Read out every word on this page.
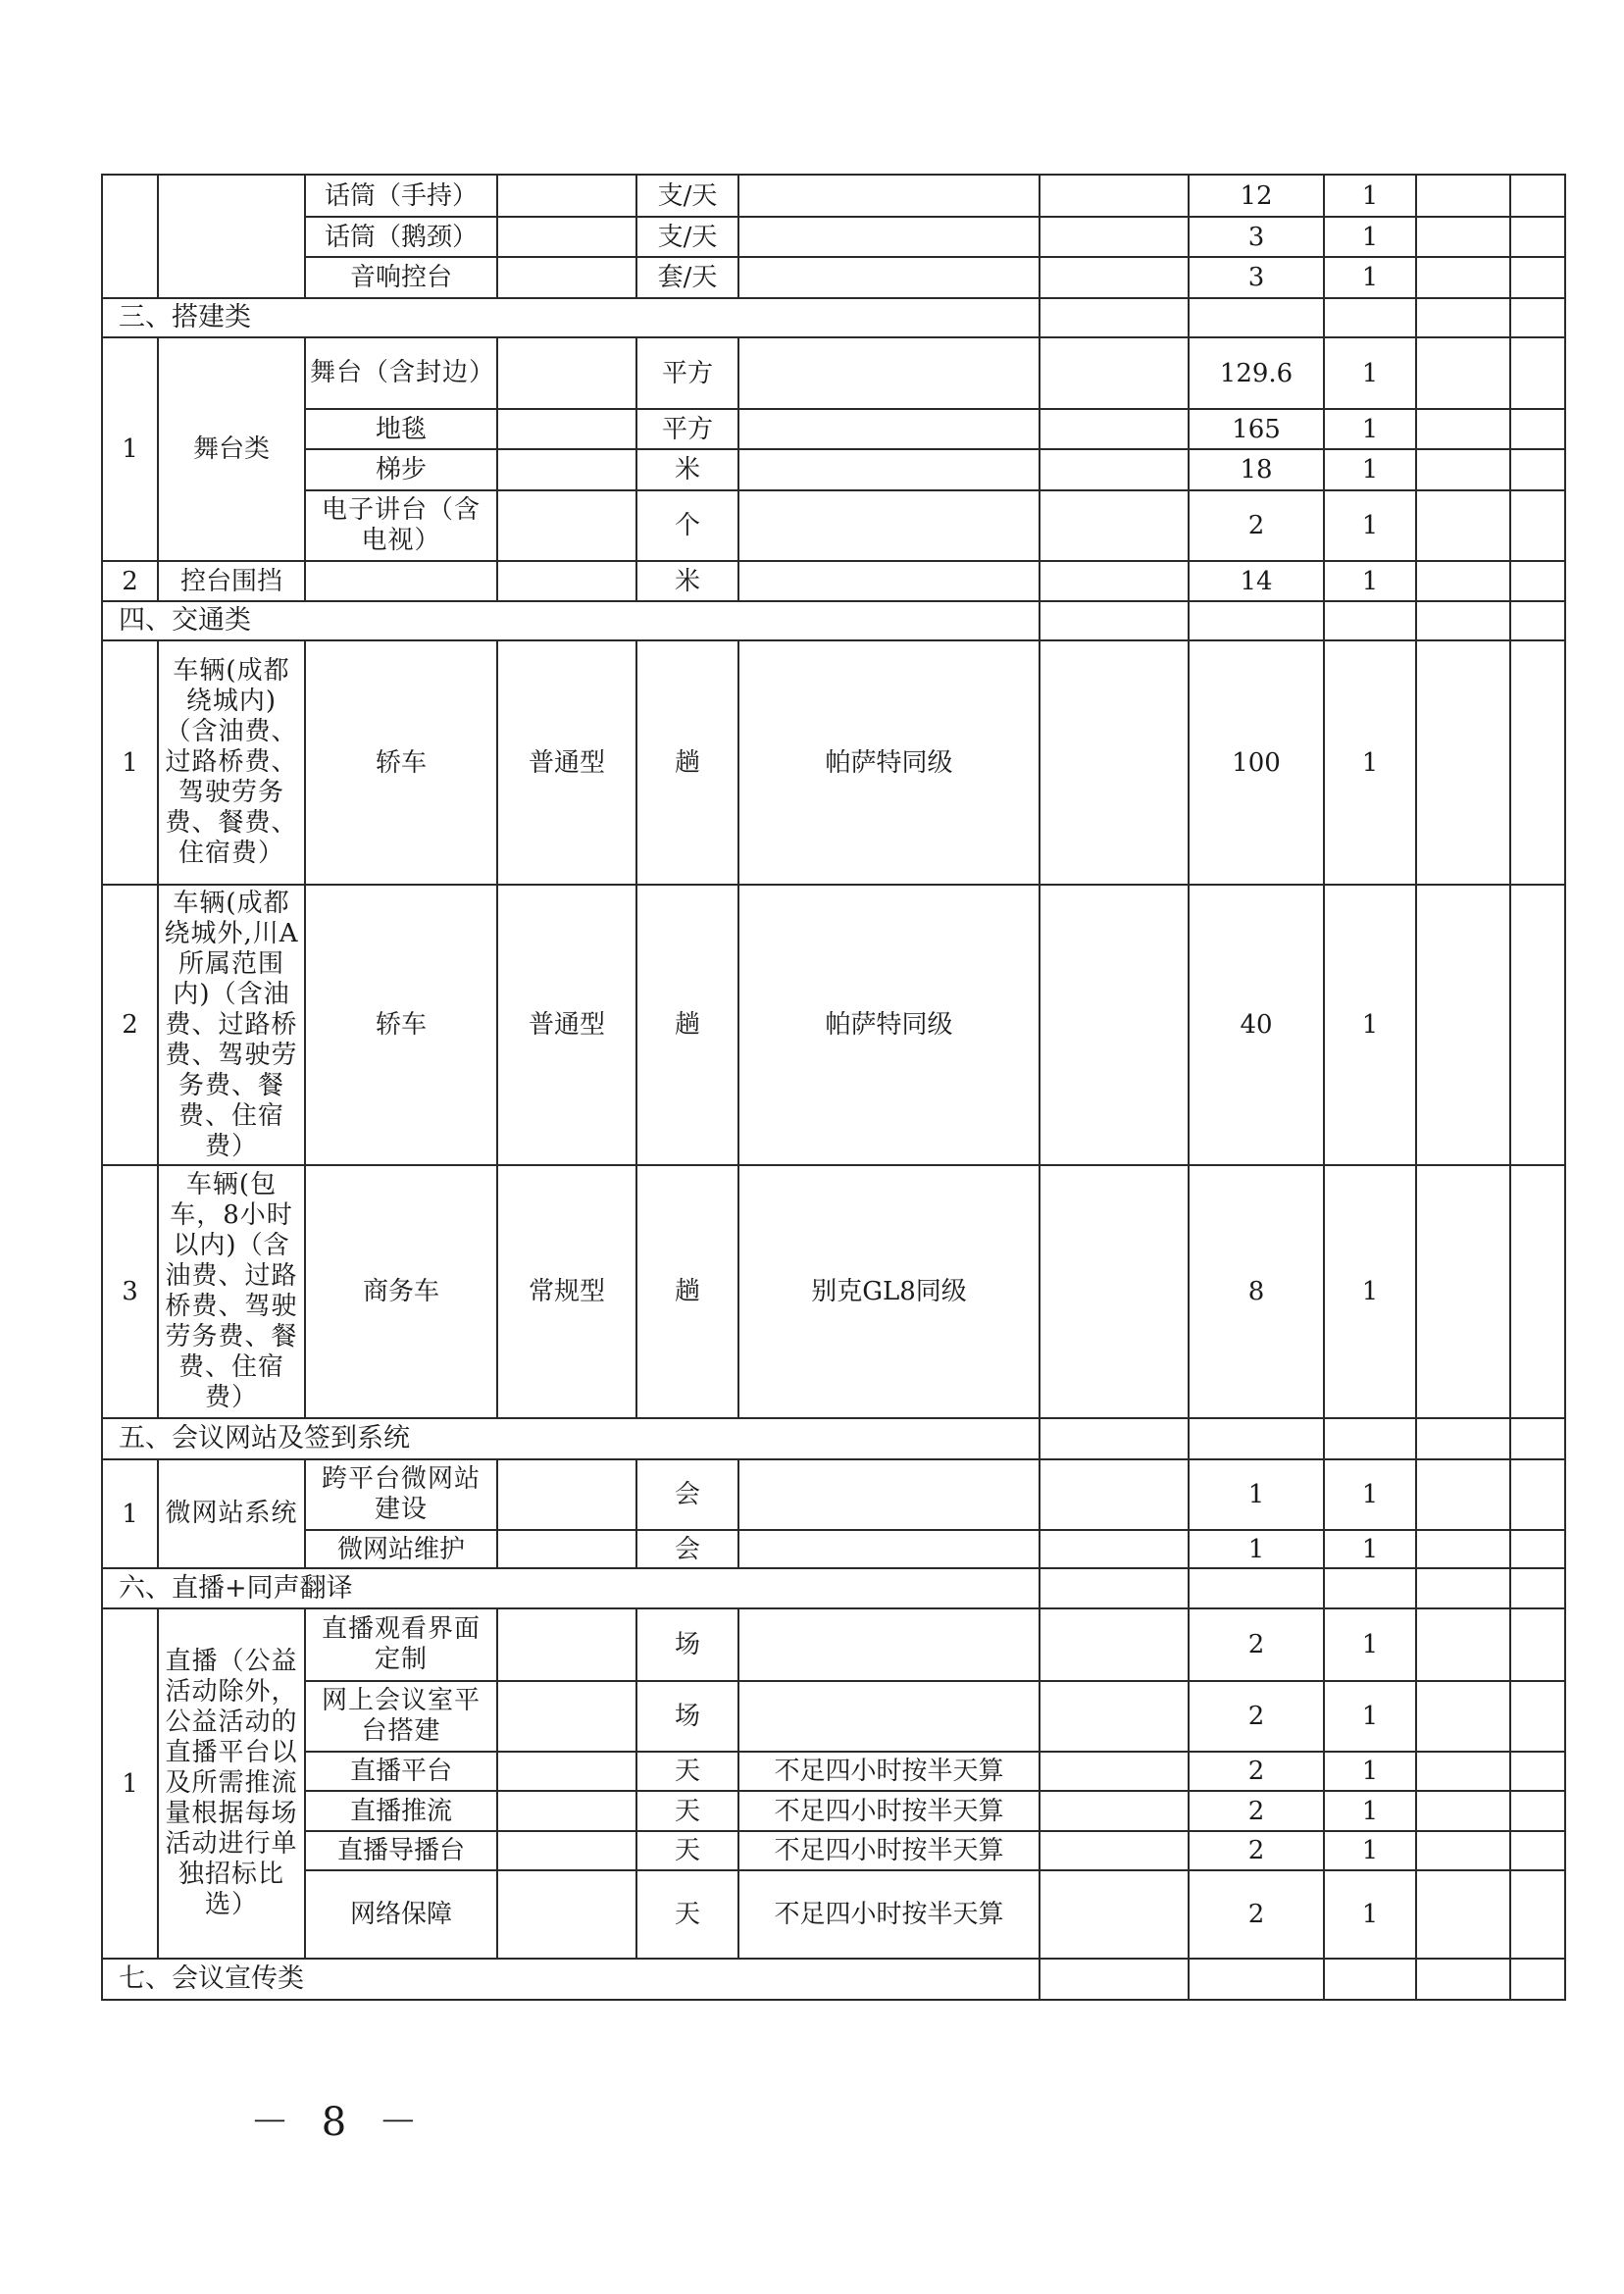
		话筒（手持）		支/天			12	1		
		话筒（鹅颈）		支/天			3	1		
		音响控台		套/天			3	1		
三、搭建类										
1	舞台类	舞台（含封边）		平方			129.6	1		
		地毯		平方			165	1		
		梯步		米			18	1		
		电子讲台（含电视）		个			2	1		
2	控台围挡			米			14	1		
四、交通类										
1	车辆(成都绕城内)（含油费、过路桥费、驾驶劳务费、餐费、住宿费）	轿车	普通型	趟	帕萨特同级		100	1		
2	车辆(成都绕城外,川A所属范围内)（含油费、过路桥费、驾驶劳务费、餐费、住宿费）	轿车	普通型	趟	帕萨特同级		40	1		
3	车辆(包车，8小时以内)（含油费、过路桥费、驾驶劳务费、餐费、住宿费）	商务车	常规型	趟	别克GL8同级		8	1		
五、会议网站及签到系统										
1	微网站系统	跨平台微网站建设		会			1	1		
		微网站维护		会			1	1		
六、直播+同声翻译										
1	直播（公益活动除外，公益活动的直播平台以及所需推流量根据每场活动进行单独招标比选）	直播观看界面定制		场			2	1		
		网上会议室平台搭建		场			2	1		
		直播平台		天	不足四小时按半天算		2	1		
		直播推流		天	不足四小时按半天算		2	1		
		直播导播台		天	不足四小时按半天算		2	1		
		网络保障		天	不足四小时按半天算		2	1		
七、会议宣传类										
－ 8 －
